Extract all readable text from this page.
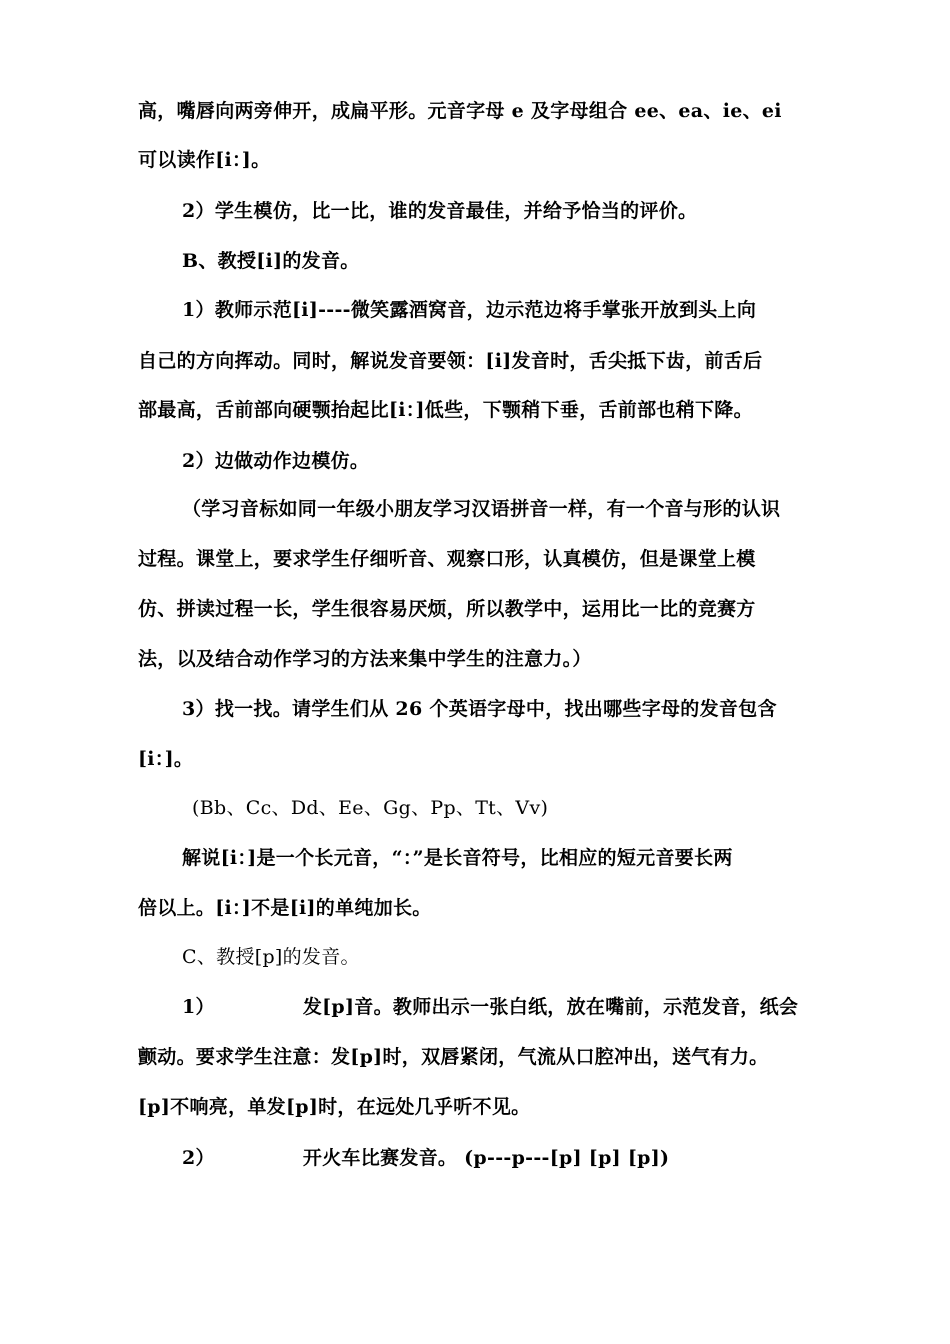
高，嘴唇向两旁伸开，成扁平形。元音字母 e 及字母组合 ee、ea、ie、ei
可以读作[i：]。
2）学生模仿，比一比，谁的发音最佳，并给予恰当的评价。
B、教授[i]的发音。
1）教师示范[i]----微笑露酒窝音，边示范边将手掌张开放到头上向
自己的方向挥动。同时，解说发音要领：[i]发音时，舌尖抵下齿，前舌后
部最高，舌前部向硬颚抬起比[i：]低些，下颚稍下垂，舌前部也稍下降。
2）边做动作边模仿。
（学习音标如同一年级小朋友学习汉语拼音一样，有一个音与形的认识
过程。课堂上，要求学生仔细听音、观察口形，认真模仿，但是课堂上模
仿、拼读过程一长，学生很容易厌烦，所以教学中，运用比一比的竞赛方
法，以及结合动作学习的方法来集中学生的注意力。）
3）找一找。请学生们从 26 个英语字母中，找出哪些字母的发音包含
[i：]。
(Bb、Cc、Dd、Ee、Gg、Pp、Tt、Vv)
解说[i：]是一个长元音，“：”是长音符号，比相应的短元音要长两
倍以上。[i：]不是[i]的单纯加长。
C、教授[p]的发音。
1）	发[p]音。教师出示一张白纸，放在嘴前，示范发音，纸会
颤动。要求学生注意：发[p]时，双唇紧闭，气流从口腔冲出，送气有力。
[p]不响亮，单发[p]时，在远处几乎听不见。
2）	开火车比赛发音。 (p---p---[p] [p] [p])
